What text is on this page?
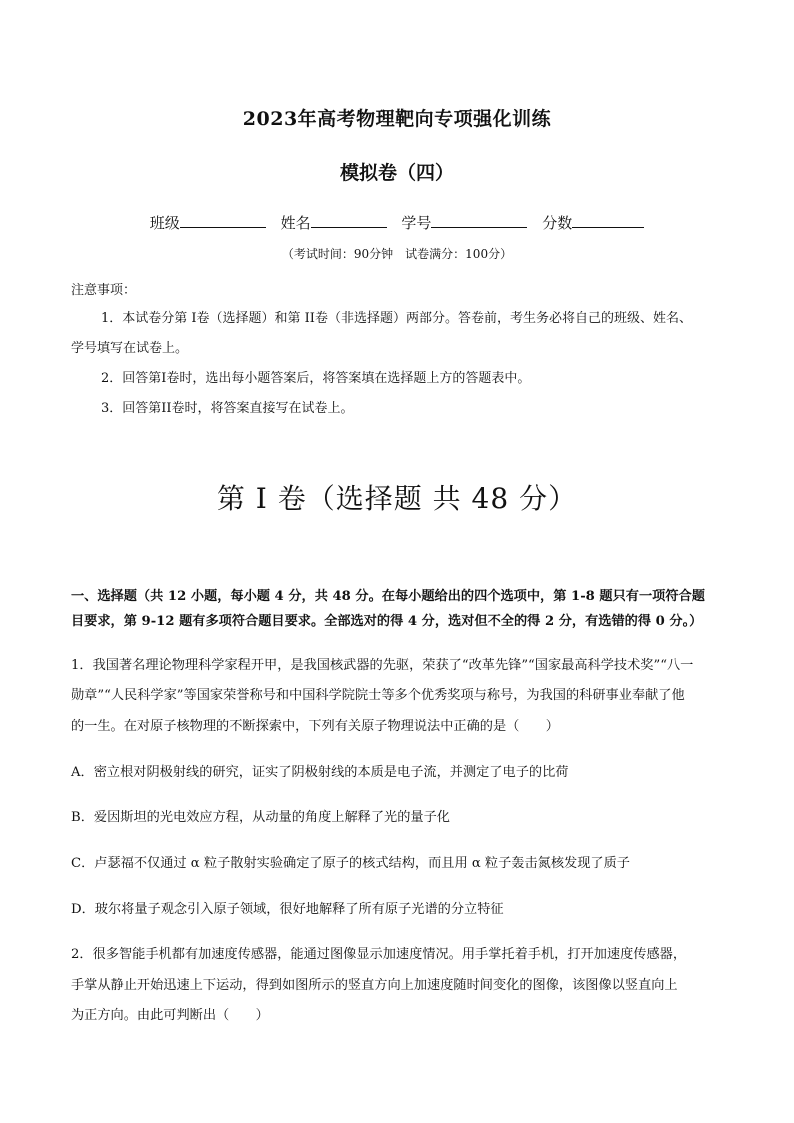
2023年高考物理靶向专项强化训练
模拟卷（四）
班级	姓名	学号	分数
（考试时间：90分钟　试卷满分：100分）
注意事项：
1．本试卷分第 I卷（选择题）和第 II卷（非选择题）两部分。答卷前，考生务必将自己的班级、姓名、
学号填写在试卷上。
2．回答第I卷时，选出每小题答案后，将答案填在选择题上方的答题表中。
3．回答第II卷时，将答案直接写在试卷上。
第 I 卷（选择题 共 48 分）
一、选择题（共 12 小题，每小题 4 分，共 48 分。在每小题给出的四个选项中，第 1-8 题只有一项符合题
目要求，第 9-12 题有多项符合题目要求。全部选对的得 4 分，选对但不全的得 2 分，有选错的得 0 分。）
1．我国著名理论物理科学家程开甲，是我国核武器的先驱，荣获了“改革先锋”“国家最高科学技术奖”“八一
勋章”“人民科学家”等国家荣誉称号和中国科学院院士等多个优秀奖项与称号，为我国的科研事业奉献了他
的一生。在对原子核物理的不断探索中，下列有关原子物理说法中正确的是（　　）
A．密立根对阴极射线的研究，证实了阴极射线的本质是电子流，并测定了电子的比荷
B．爱因斯坦的光电效应方程，从动量的角度上解释了光的量子化
C．卢瑟福不仅通过 α 粒子散射实验确定了原子的核式结构，而且用 α 粒子轰击氮核发现了质子
D．玻尔将量子观念引入原子领域，很好地解释了所有原子光谱的分立特征
2．很多智能手机都有加速度传感器，能通过图像显示加速度情况。用手掌托着手机，打开加速度传感器，
手掌从静止开始迅速上下运动，得到如图所示的竖直方向上加速度随时间变化的图像，该图像以竖直向上
为正方向。由此可判断出（　　）
